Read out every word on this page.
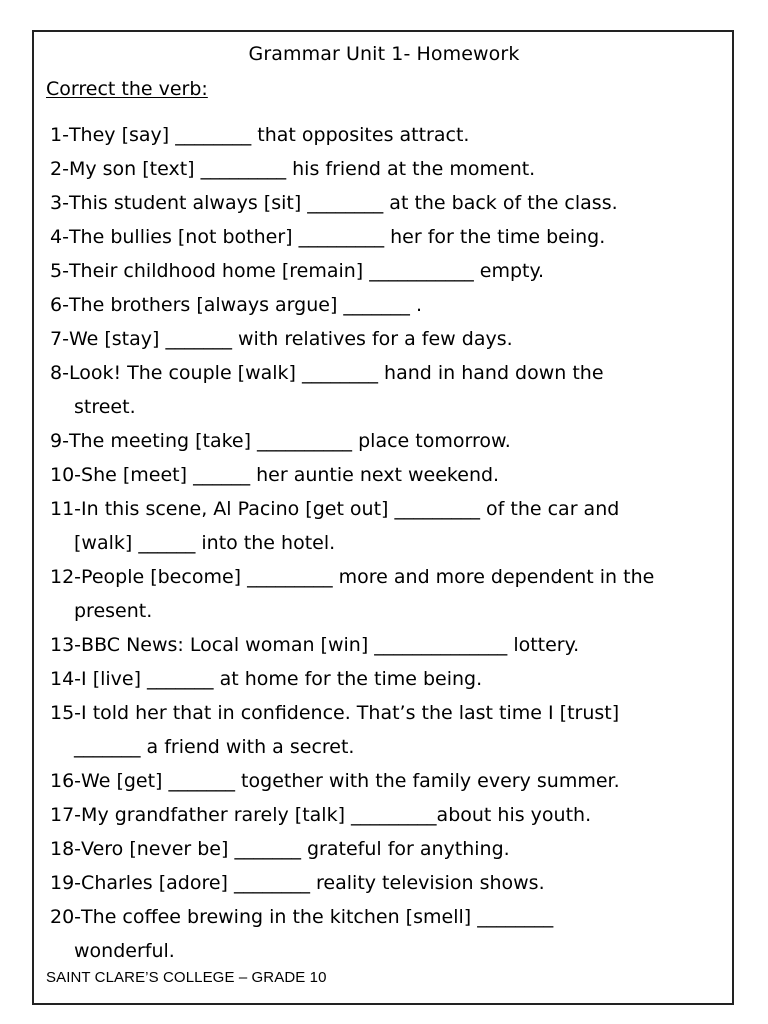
Grammar Unit 1- Homework
Correct the verb:
1-They [say] ________ that opposites attract.
2-My son [text] _________ his friend at the moment.
3-This student always [sit] ________ at the back of the class.
4-The bullies [not bother] _________ her for the time being.
5-Their childhood home [remain] ___________ empty.
6-The brothers [always argue] _______ .
7-We [stay] _______ with relatives for a few days.
8-Look! The couple [walk] ________ hand in hand down the
street.
9-The meeting [take] __________ place tomorrow.
10-She [meet] ______ her auntie next weekend.
11-In this scene, Al Pacino [get out] _________ of the car and
[walk] ______ into the hotel.
12-People [become] _________ more and more dependent in the
present.
13-BBC News: Local woman [win] ______________ lottery.
14-I [live] _______ at home for the time being.
15-I told her that in confidence. That’s the last time I [trust]
_______ a friend with a secret.
16-We [get] _______ together with the family every summer.
17-My grandfather rarely [talk] _________about his youth.
18-Vero [never be] _______ grateful for anything.
19-Charles [adore] ________ reality television shows.
20-The coffee brewing in the kitchen [smell] ________
wonderful.
SAINT CLARE’S COLLEGE – GRADE 10
